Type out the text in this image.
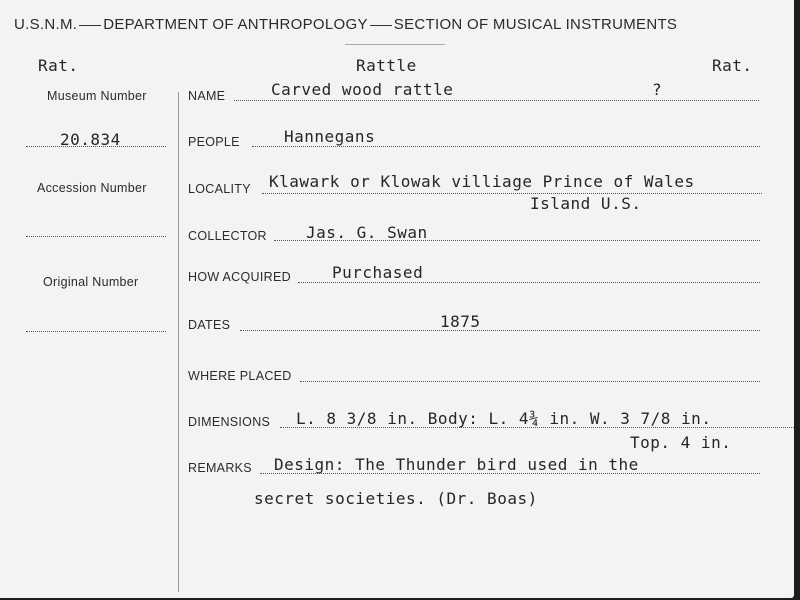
U.S.N.M. DEPARTMENT OF ANTHROPOLOGY SECTION OF MUSICAL INSTRUMENTS
Rat.	Rattle	Rat.
Museum Number
20.834
Accession Number
Original Number
NAME	Carved wood rattle	?
PEOPLE	Hannegans
LOCALITY Klawark or Klowak villiage Prince of Wales
Island U.S.
COLLECTOR Jas. G. Swan
HOW ACQUIRED	Purchased
DATES	1875
WHERE PLACED
DIMENSIONS L. 8 3/8 in. Body: L. 4¾ in. W. 3 7/8 in.
Top. 4 in.
REMARKS Design: The Thunder bird used in the
secret societies. (Dr. Boas)
